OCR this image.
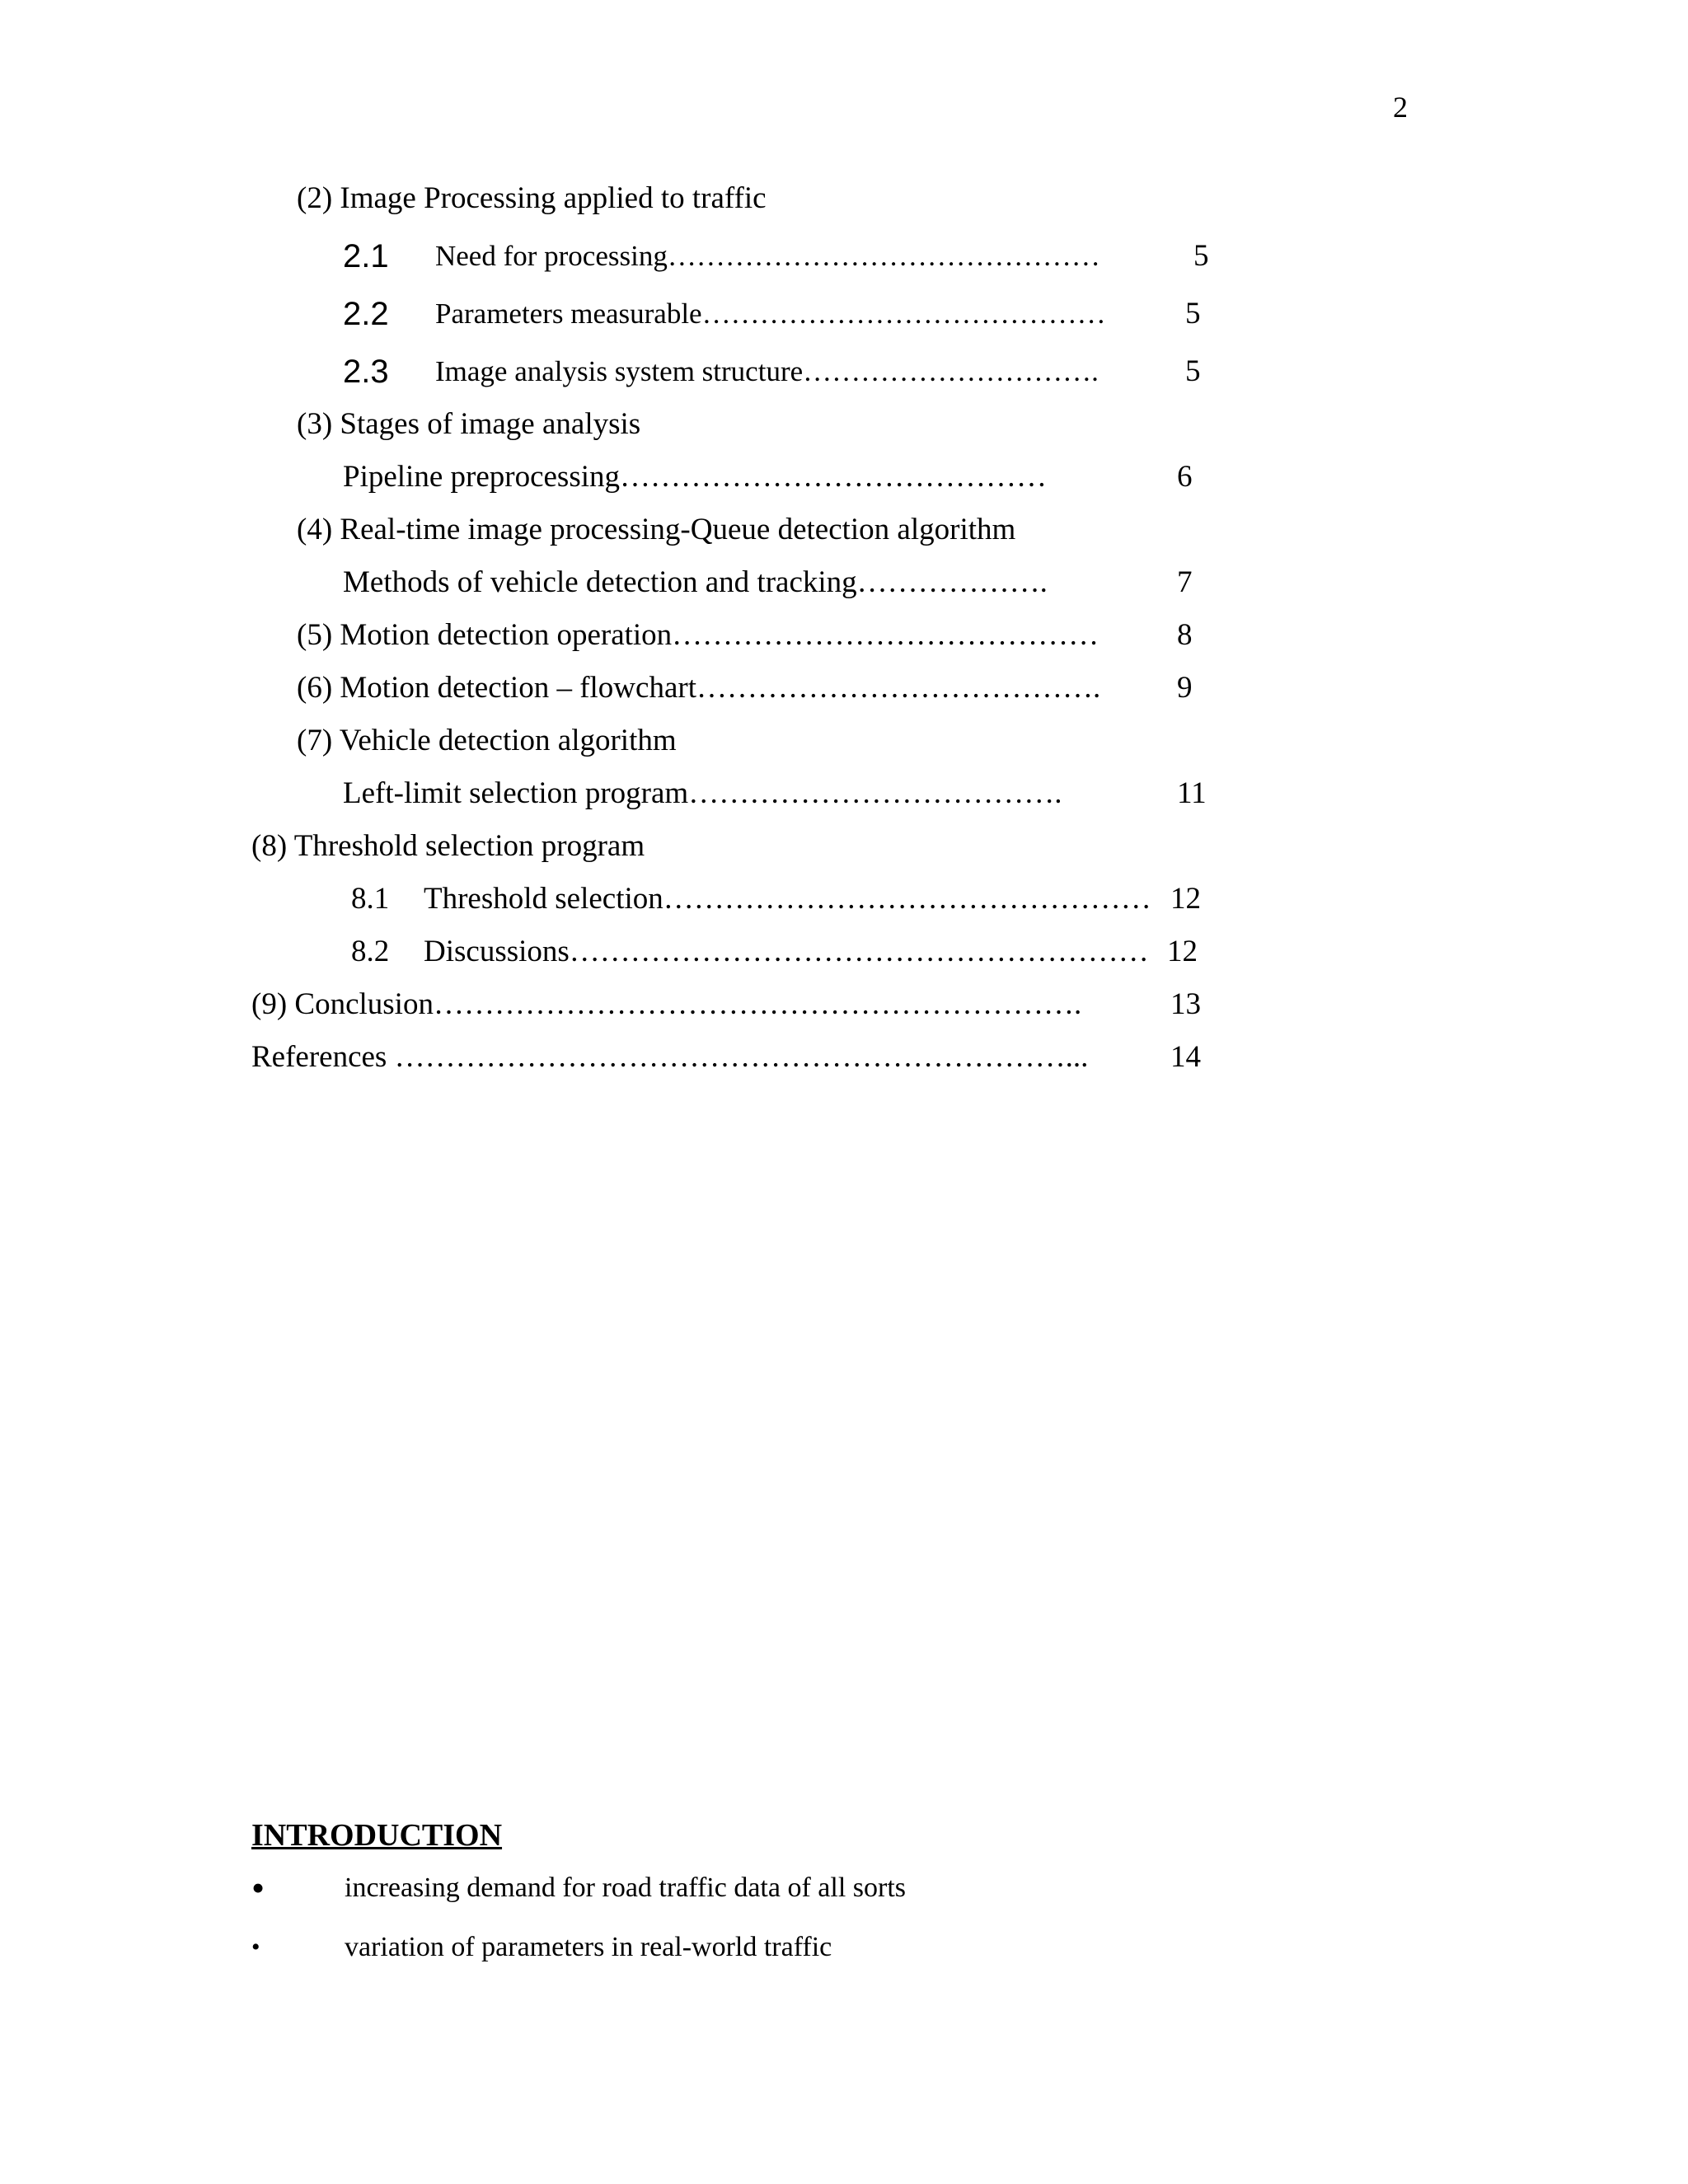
2
(2) Image Processing applied to traffic
2.1 Need for processing………………………………………	5
2.2 Parameters measurable……………………………………	5
2.3 Image analysis system structure………………………….	5
(3) Stages of image analysis
Pipeline preprocessing……………………………………	6
(4) Real-time image processing-Queue detection algorithm
Methods of vehicle detection and tracking……………….	7
(5) Motion detection operation……………………………………	8
(6) Motion detection – flowchart………………………………….	9
(7) Vehicle detection algorithm
Left-limit selection program……………………………….	11
(8) Threshold selection program
8.1 Threshold selection………………………………………… 12
8.2 Discussions………………………………………………… 12
(9) Conclusion……………………………………………………….	13
References …………………………………………………………...	14
INTRODUCTION
•	increasing demand for road traffic data of all sorts
•	variation of parameters in real-world traffic
